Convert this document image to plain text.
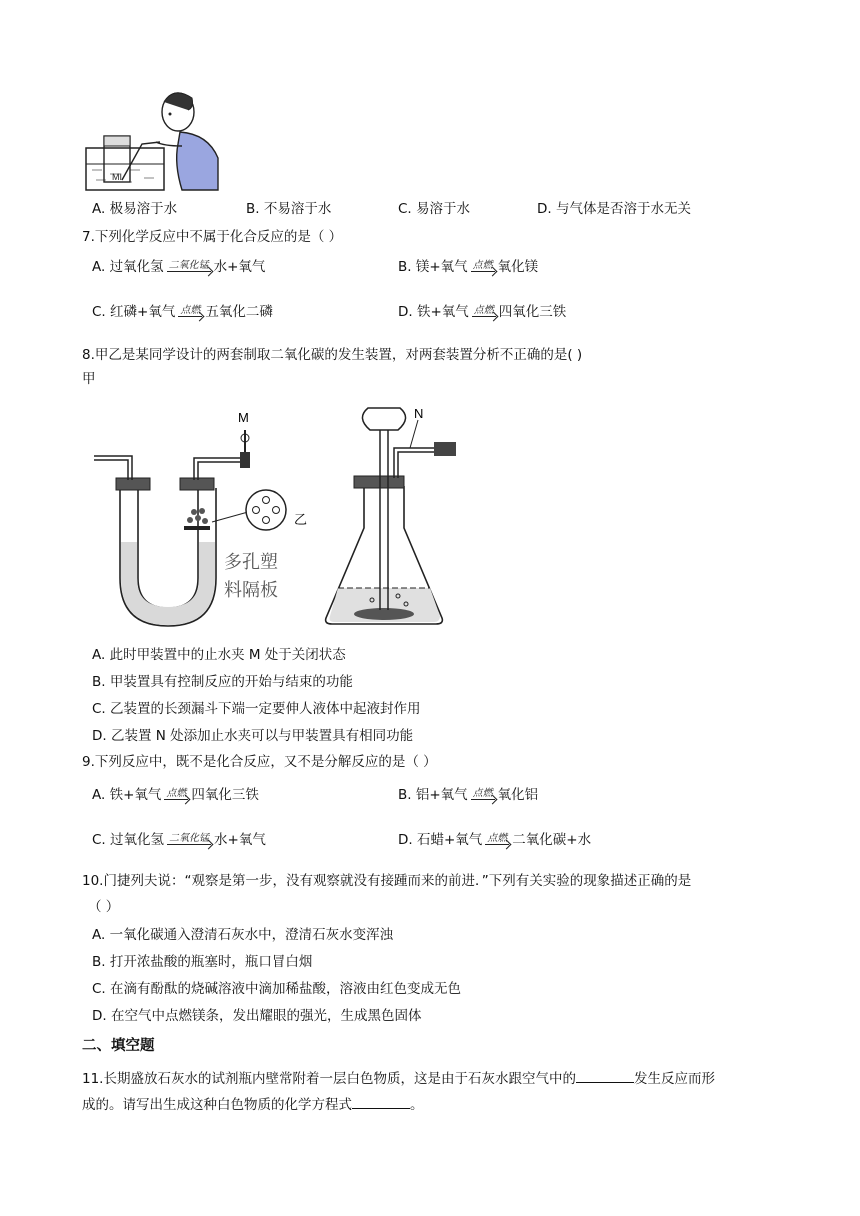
MI
A. 极易溶于水	B. 不易溶于水	C. 易溶于水	D. 与气体是否溶于水无关
7.下列化学反应中不属于化合反应的是（ ）
A. 过氧化氢 二氧化锰 水+氧气	B. 镁+氧气 点燃 氧化镁
C. 红磷+氧气 点燃 五氧化二磷	D. 铁+氧气 点燃 四氧化三铁
8.甲乙是某同学设计的两套制取二氧化碳的发生装置，对两套装置分析不正确的是( )
甲
M
乙
多孔塑
料隔板
N
A. 此时甲装置中的止水夹 M 处于关闭状态
B. 甲装置具有控制反应的开始与结束的功能
C. 乙装置的长颈漏斗下端一定要伸人液体中起液封作用
D. 乙装置 N 处添加止水夹可以与甲装置具有相同功能
9.下列反应中，既不是化合反应，又不是分解反应的是（ ）
A. 铁+氧气 点燃 四氧化三铁	B. 铝+氧气 点燃 氧化铝
C. 过氧化氢 二氧化锰 水+氧气	D. 石蜡+氧气 点燃 二氧化碳+水
10.门捷列夫说：“观察是第一步，没有观察就没有接踵而来的前进．”下列有关实验的现象描述正确的是
（ ）
A. 一氧化碳通入澄清石灰水中，澄清石灰水变浑浊
B. 打开浓盐酸的瓶塞时，瓶口冒白烟
C. 在滴有酚酞的烧碱溶液中滴加稀盐酸，溶液由红色变成无色
D. 在空气中点燃镁条，发出耀眼的强光，生成黑色固体
二、填空题
11.长期盛放石灰水的试剂瓶内壁常附着一层白色物质，这是由于石灰水跟空气中的	发生反应而形
成的。请写出生成这种白色物质的化学方程式	。
